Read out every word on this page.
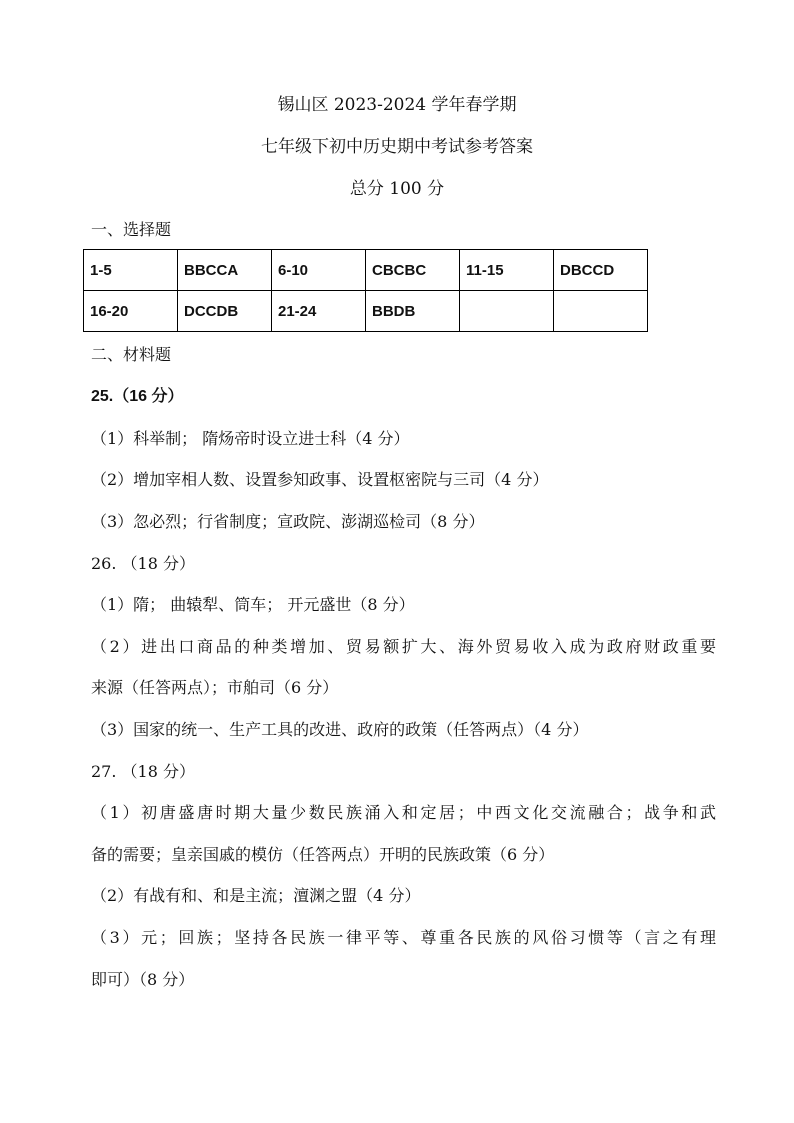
锡山区 2023-2024 学年春学期
七年级下初中历史期中考试参考答案
总分 100 分
一、选择题
1-5	BBCCA	6-10	CBCBC	11-15	DBCCD
16-20	DCCDB	21-24	BBDB		
二、材料题
25.（16 分）
（1）科举制； 隋炀帝时设立进士科（4 分）
（2）增加宰相人数、设置参知政事、设置枢密院与三司（4 分）
（3）忽必烈；行省制度；宣政院、澎湖巡检司（8 分）
26. （18 分）
（1）隋； 曲辕犁、筒车； 开元盛世（8 分）
（2）进出口商品的种类增加、贸易额扩大、海外贸易收入成为政府财政重要
来源（任答两点）；市舶司（6 分）
（3）国家的统一、生产工具的改进、政府的政策（任答两点）（4 分）
27. （18 分）
（1）初唐盛唐时期大量少数民族涌入和定居；中西文化交流融合；战争和武
备的需要；皇亲国戚的模仿（任答两点）开明的民族政策（6 分）
（2）有战有和、和是主流；澶渊之盟（4 分）
（3）元；回族；坚持各民族一律平等、尊重各民族的风俗习惯等（言之有理
即可）（8 分）
